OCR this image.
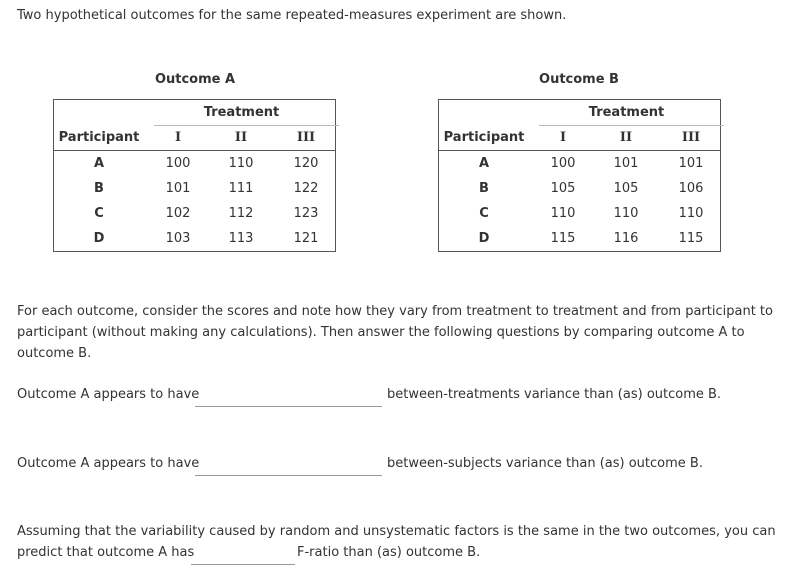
Two hypothetical outcomes for the same repeated-measures experiment are shown.
Outcome A
Treatment
Participant	I	II	III
A	100	110	120
B	101	111	122
C	102	112	123
D	103	113	121
Outcome B
Treatment
Participant	I	II	III
A	100	101	101
B	105	105	106
C	110	110	110
D	115	116	115
For each outcome, consider the scores and note how they vary from treatment to treatment and from participant to participant (without making any calculations). Then answer the following questions by comparing outcome A to outcome B.
Outcome A appears to have	between-treatments variance than (as) outcome B.
Outcome A appears to have	between-subjects variance than (as) outcome B.
Assuming that the variability caused by random and unsystematic factors is the same in the two outcomes, you can
predict that outcome A has	F-ratio than (as) outcome B.
